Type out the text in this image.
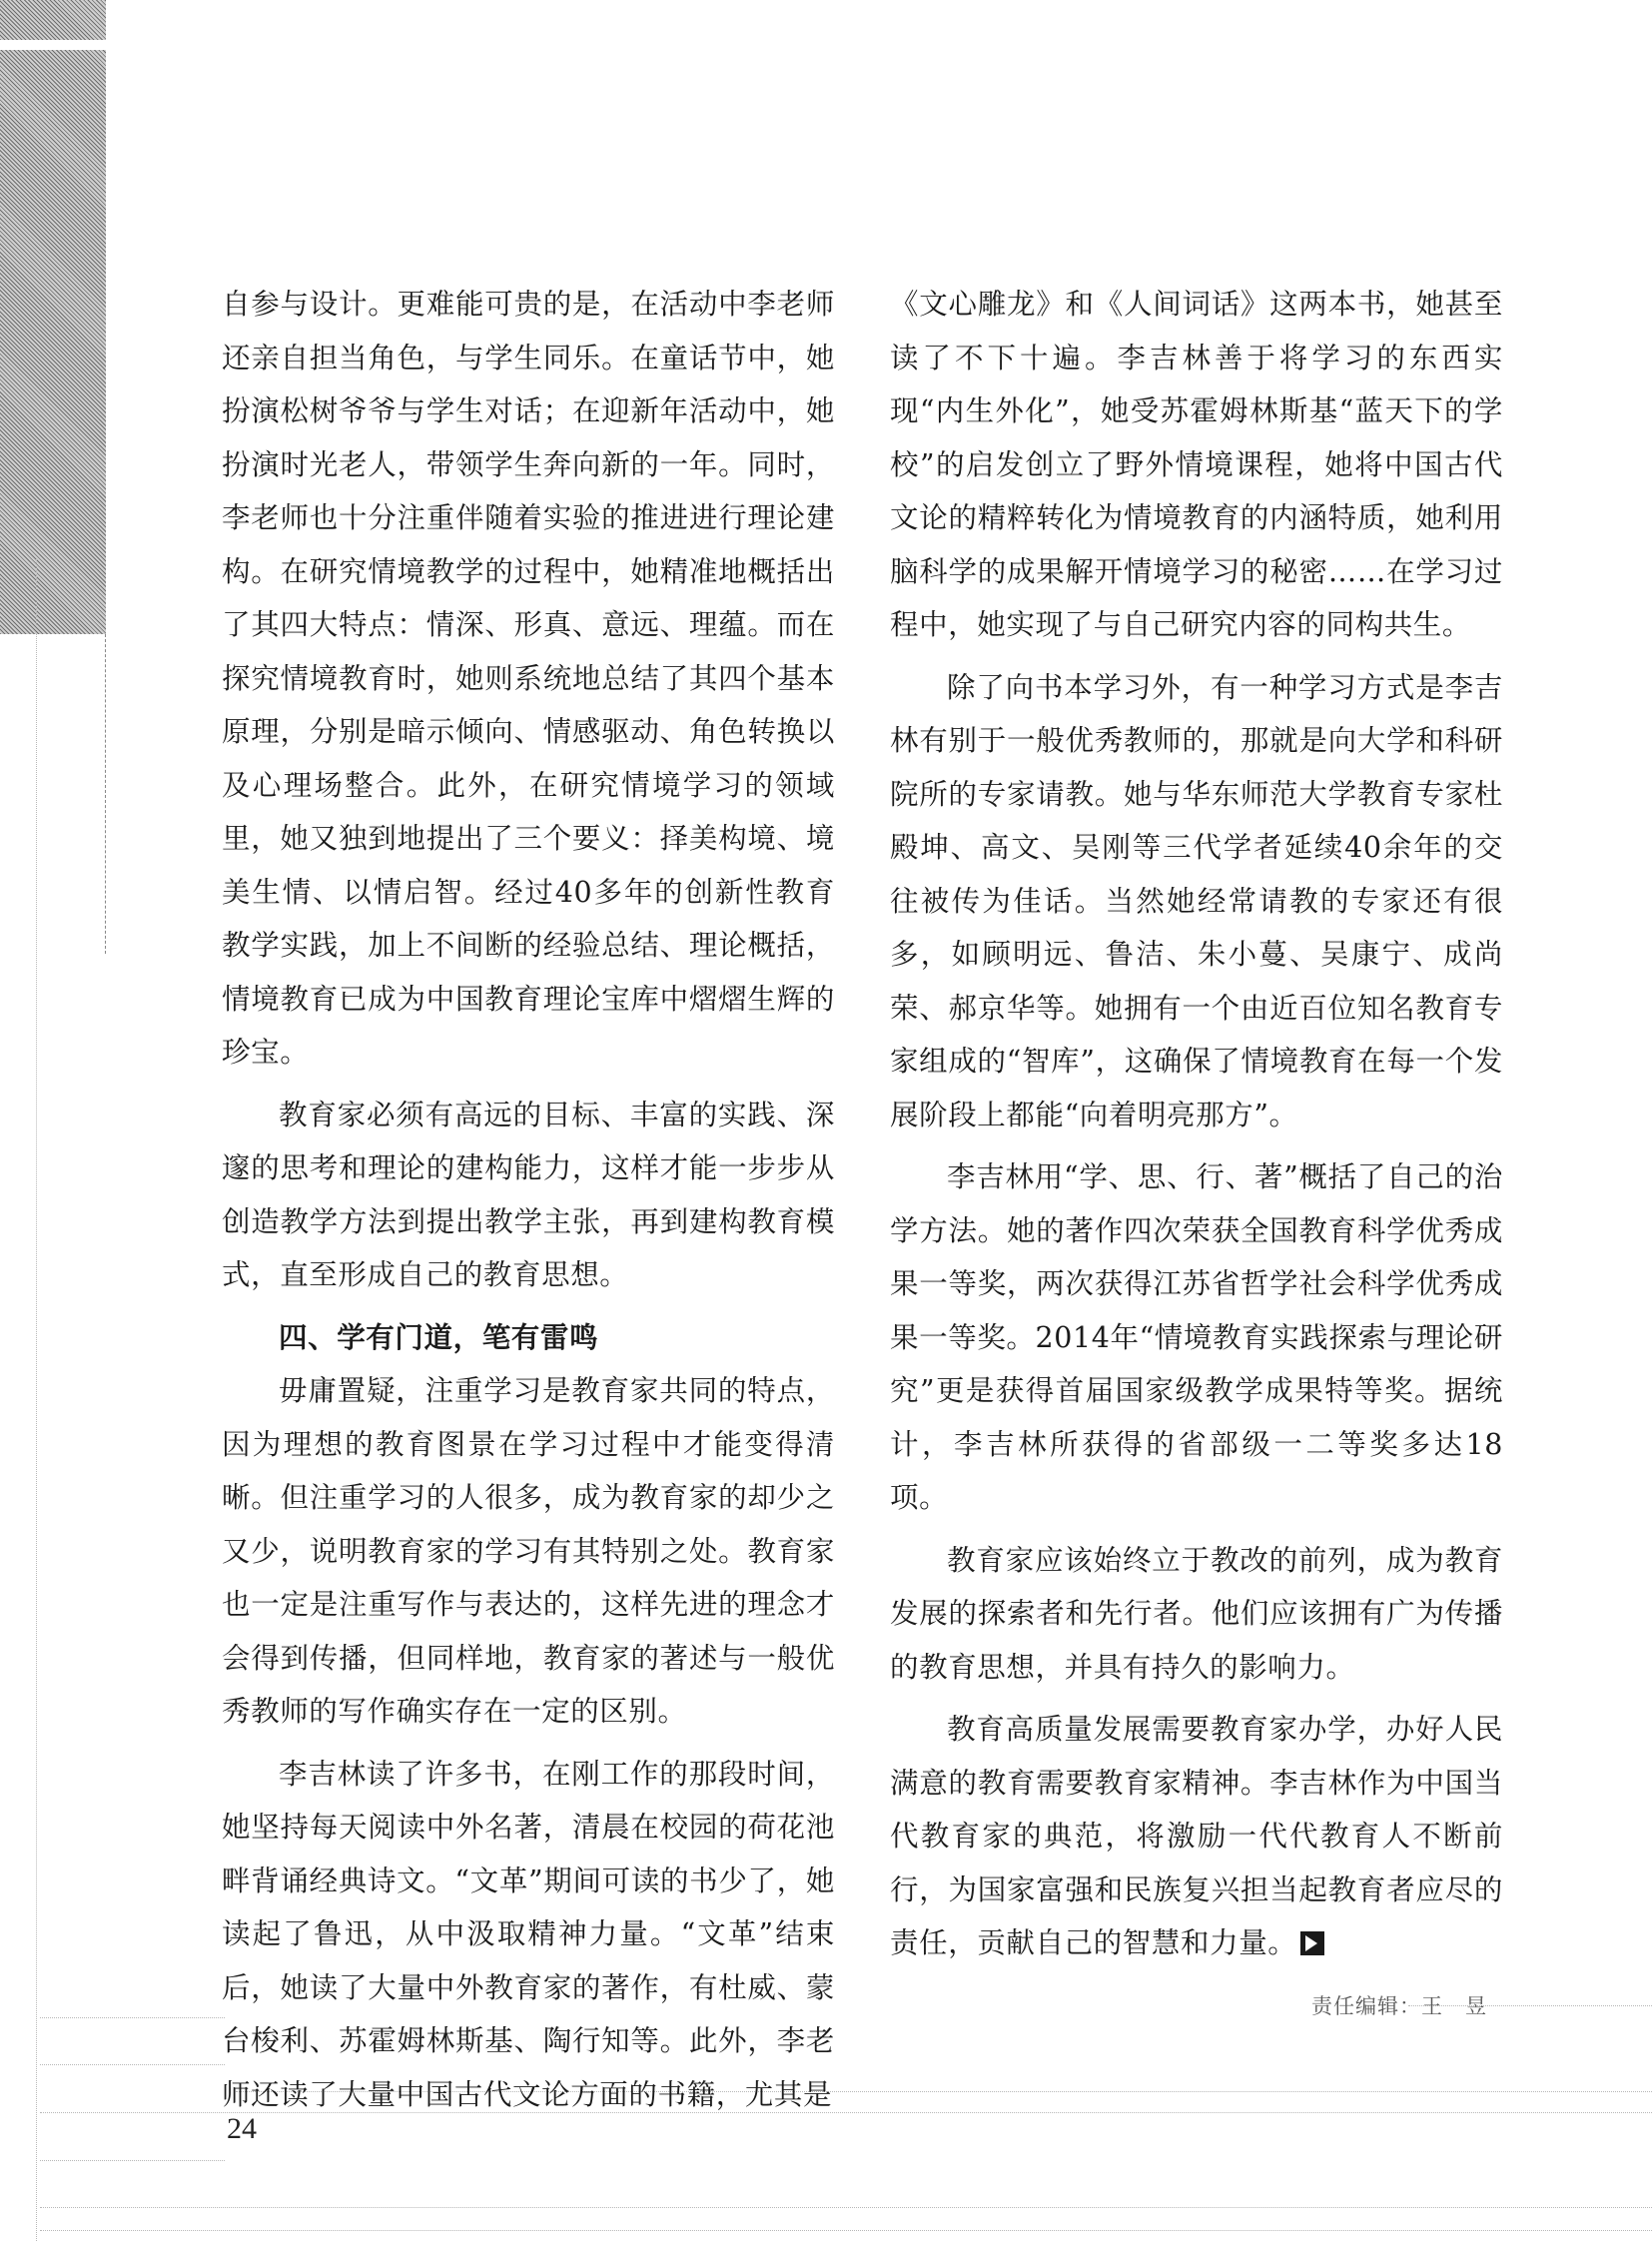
自参与设计。更难能可贵的是，在活动中李老师还亲自担当角色，与学生同乐。在童话节中，她扮演松树爷爷与学生对话；在迎新年活动中，她扮演时光老人，带领学生奔向新的一年。同时，李老师也十分注重伴随着实验的推进进行理论建构。在研究情境教学的过程中，她精准地概括出了其四大特点：情深、形真、意远、理蕴。而在探究情境教育时，她则系统地总结了其四个基本原理，分别是暗示倾向、情感驱动、角色转换以及心理场整合。此外，在研究情境学习的领域里，她又独到地提出了三个要义：择美构境、境美生情、以情启智。经过40多年的创新性教育教学实践，加上不间断的经验总结、理论概括，情境教育已成为中国教育理论宝库中熠熠生辉的珍宝。

教育家必须有高远的目标、丰富的实践、深邃的思考和理论的建构能力，这样才能一步步从创造教学方法到提出教学主张，再到建构教育模式，直至形成自己的教育思想。

四、学有门道，笔有雷鸣

毋庸置疑，注重学习是教育家共同的特点，因为理想的教育图景在学习过程中才能变得清晰。但注重学习的人很多，成为教育家的却少之又少，说明教育家的学习有其特别之处。教育家也一定是注重写作与表达的，这样先进的理念才会得到传播，但同样地，教育家的著述与一般优秀教师的写作确实存在一定的区别。

李吉林读了许多书，在刚工作的那段时间，她坚持每天阅读中外名著，清晨在校园的荷花池畔背诵经典诗文。“文革”期间可读的书少了，她读起了鲁迅，从中汲取精神力量。“文革”结束后，她读了大量中外教育家的著作，有杜威、蒙台梭利、苏霍姆林斯基、陶行知等。此外，李老师还读了大量中国古代文论方面的书籍，尤其是

《文心雕龙》和《人间词话》这两本书，她甚至读了不下十遍。李吉林善于将学习的东西实现“内生外化”，她受苏霍姆林斯基“蓝天下的学校”的启发创立了野外情境课程，她将中国古代文论的精粹转化为情境教育的内涵特质，她利用脑科学的成果解开情境学习的秘密……在学习过程中，她实现了与自己研究内容的同构共生。

除了向书本学习外，有一种学习方式是李吉林有别于一般优秀教师的，那就是向大学和科研院所的专家请教。她与华东师范大学教育专家杜殿坤、高文、吴刚等三代学者延续40余年的交往被传为佳话。当然她经常请教的专家还有很多，如顾明远、鲁洁、朱小蔓、吴康宁、成尚荣、郝京华等。她拥有一个由近百位知名教育专家组成的“智库”，这确保了情境教育在每一个发展阶段上都能“向着明亮那方”。

李吉林用“学、思、行、著”概括了自己的治学方法。她的著作四次荣获全国教育科学优秀成果一等奖，两次获得江苏省哲学社会科学优秀成果一等奖。2014年“情境教育实践探索与理论研究”更是获得首届国家级教学成果特等奖。据统计，李吉林所获得的省部级一二等奖多达18项。

教育家应该始终立于教改的前列，成为教育发展的探索者和先行者。他们应该拥有广为传播的教育思想，并具有持久的影响力。

教育高质量发展需要教育家办学，办好人民满意的教育需要教育家精神。李吉林作为中国当代教育家的典范，将激励一代代教育人不断前行，为国家富强和民族复兴担当起教育者应尽的责任，贡献自己的智慧和力量。

责任编辑：王　昱
24
